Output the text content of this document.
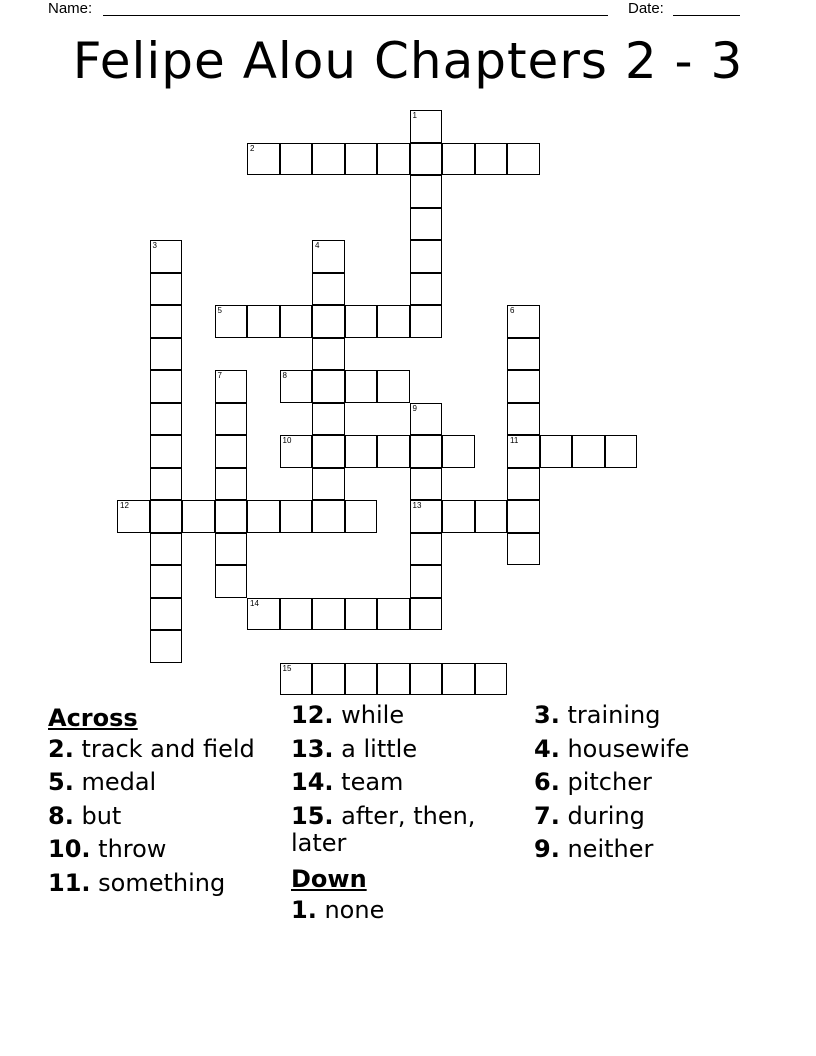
Name:	Date:
Felipe Alou Chapters 2 - 3
1
2
3	4
5	6
11
7	8
9
13
10
12
14
15
Across
2. track and field
5. medal
8. but
10. throw
11. something
12. while
13. a little
14. team
15. after, then, later
Down
1. none
3. training
4. housewife
6. pitcher
7. during
9. neither
